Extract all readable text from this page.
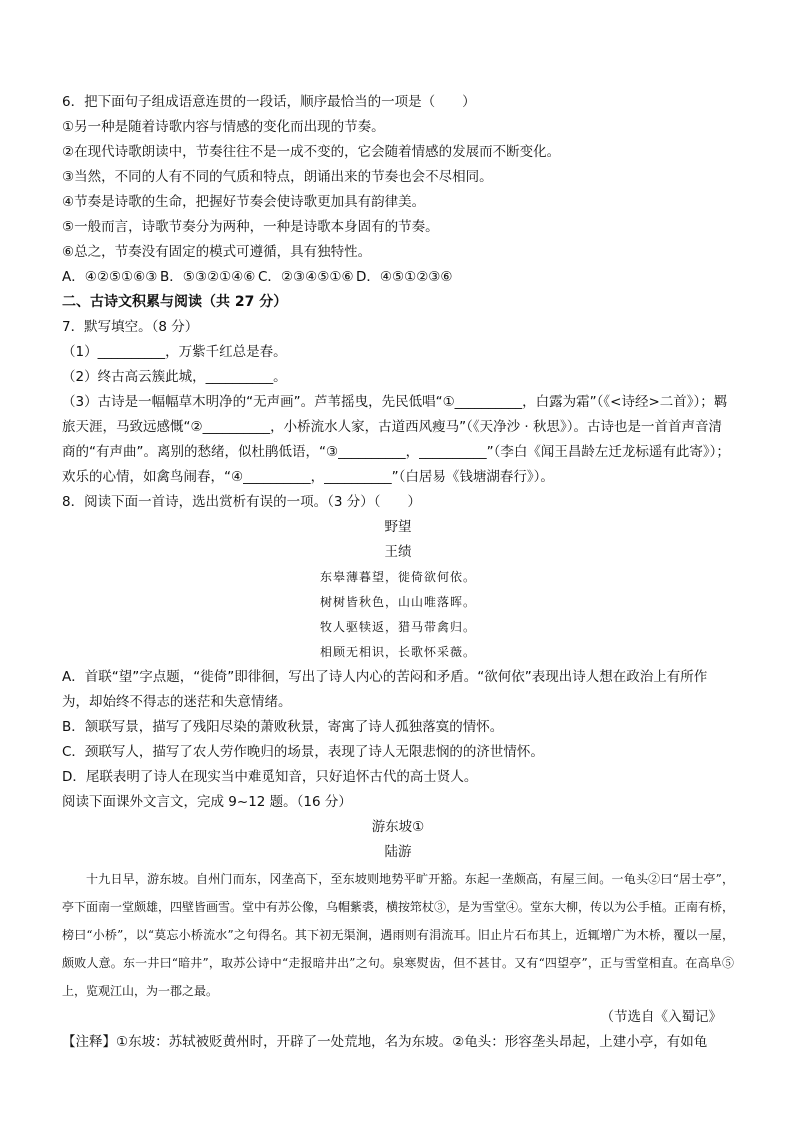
6．把下面句子组成语意连贯的一段话，顺序最恰当的一项是（　　）

①另一种是随着诗歌内容与情感的变化而出现的节奏。

②在现代诗歌朗读中，节奏往往不是一成不变的，它会随着情感的发展而不断变化。

③当然，不同的人有不同的气质和特点，朗诵出来的节奏也会不尽相同。

④节奏是诗歌的生命，把握好节奏会使诗歌更加具有韵律美。

⑤一般而言，诗歌节奏分为两种，一种是诗歌本身固有的节奏。

⑥总之，节奏没有固定的模式可遵循，具有独特性。

A．④②⑤①⑥③ B．⑤③②①④⑥ C．②③④⑤①⑥ D．④⑤①②③⑥

二、古诗文积累与阅读（共 27 分）

7．默写填空。（8 分）

（1）__________，万紫千红总是春。

（2）终古高云簇此城，__________。

（3）古诗是一幅幅草木明净的“无声画”。芦苇摇曳，先民低唱“①__________，白露为霜”（《<诗经>二首》）；羁旅天涯，马致远感慨“②__________，小桥流水人家，古道西风瘦马”（《天净沙 · 秋思》）。古诗也是一首首声音清商的“有声曲”。离别的愁绪，似杜鹃低语，“③__________，__________”（李白《闻王昌龄左迁龙标遥有此寄》）；欢乐的心情，如禽鸟闹春，“④__________，__________”（白居易《钱塘湖春行》）。

8．阅读下面一首诗，选出赏析有误的一项。（3 分）（　　）

野望

王绩

东皋薄暮望，徙倚欲何依。

树树皆秋色，山山唯落晖。

牧人驱犊返，猎马带禽归。

相顾无相识，长歌怀采薇。

A．首联“望”字点题，“徙倚”即徘徊，写出了诗人内心的苦闷和矛盾。“欲何依”表现出诗人想在政治上有所作为，却始终不得志的迷茫和失意情绪。

B．颔联写景，描写了残阳尽染的萧败秋景，寄寓了诗人孤独落寞的情怀。

C．颈联写人，描写了农人劳作晚归的场景，表现了诗人无限悲悯的的济世情怀。

D．尾联表明了诗人在现实当中难觅知音，只好追怀古代的高士贤人。

阅读下面课外文言文，完成 9~12 题。（16 分）

游东坡①

陆游

十九日早，游东坡。自州门而东，冈垄高下，至东坡则地势平旷开豁。东起一垄颇高，有屋三间。一龟头②曰“居士亭”，亭下面南一堂颇雄，四壁皆画雪。堂中有苏公像，乌帽紫裘，横按筇杖③，是为雪堂④。堂东大柳，传以为公手植。正南有桥，榜曰“小桥”，以“莫忘小桥流水”之句得名。其下初无渠涧，遇雨则有涓流耳。旧止片石布其上，近辄增广为木桥，覆以一屋，颇败人意。东一井曰“暗井”，取苏公诗中“走报暗井出”之句。泉寒熨齿，但不甚甘。又有“四望亭”，正与雪堂相直。在高阜⑤上，览观江山，为一郡之最。

（节选自《入蜀记》

【注释】①东坡：苏轼被贬黄州时，开辟了一处荒地，名为东坡。②龟头：形容垄头昂起，上建小亭，有如龟
